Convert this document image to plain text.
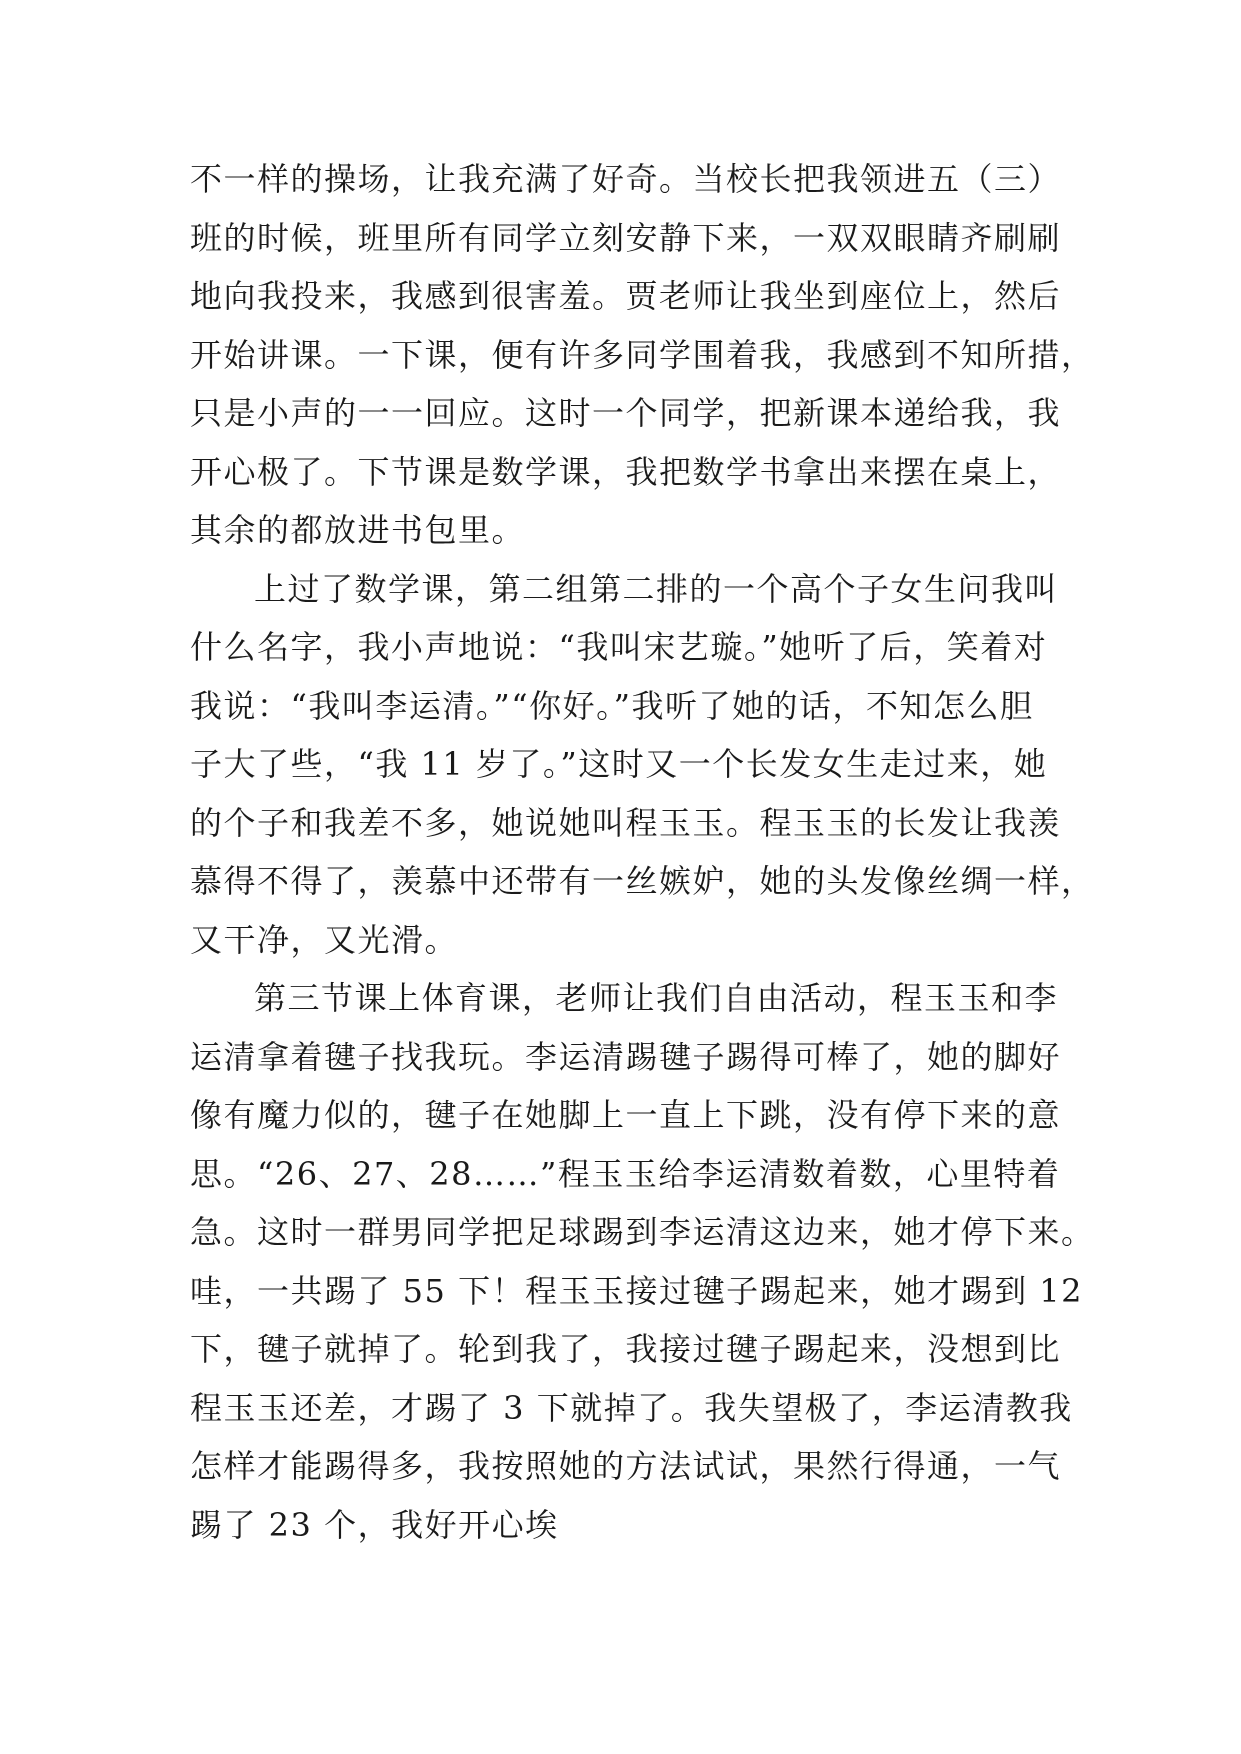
不一样的操场，让我充满了好奇。当校长把我领进五（三）
班的时候，班里所有同学立刻安静下来，一双双眼睛齐刷刷
地向我投来，我感到很害羞。贾老师让我坐到座位上，然后
开始讲课。一下课，便有许多同学围着我，我感到不知所措，
只是小声的一一回应。这时一个同学，把新课本递给我，我
开心极了。下节课是数学课，我把数学书拿出来摆在桌上，
其余的都放进书包里。
上过了数学课，第二组第二排的一个高个子女生问我叫
什么名字，我小声地说：“我叫宋艺璇。”她听了后，笑着对
我说：“我叫李运清。”“你好。”我听了她的话，不知怎么胆
子大了些，“我 11 岁了。”这时又一个长发女生走过来，她
的个子和我差不多，她说她叫程玉玉。程玉玉的长发让我羡
慕得不得了，羡慕中还带有一丝嫉妒，她的头发像丝绸一样，
又干净，又光滑。
第三节课上体育课，老师让我们自由活动，程玉玉和李
运清拿着毽子找我玩。李运清踢毽子踢得可棒了，她的脚好
像有魔力似的，毽子在她脚上一直上下跳，没有停下来的意
思。“26、27、28……”程玉玉给李运清数着数，心里特着
急。这时一群男同学把足球踢到李运清这边来，她才停下来。
哇，一共踢了 55 下！程玉玉接过毽子踢起来，她才踢到 12
下，毽子就掉了。轮到我了，我接过毽子踢起来，没想到比
程玉玉还差，才踢了 3 下就掉了。我失望极了，李运清教我
怎样才能踢得多，我按照她的方法试试，果然行得通，一气
踢了 23 个，我好开心埃
